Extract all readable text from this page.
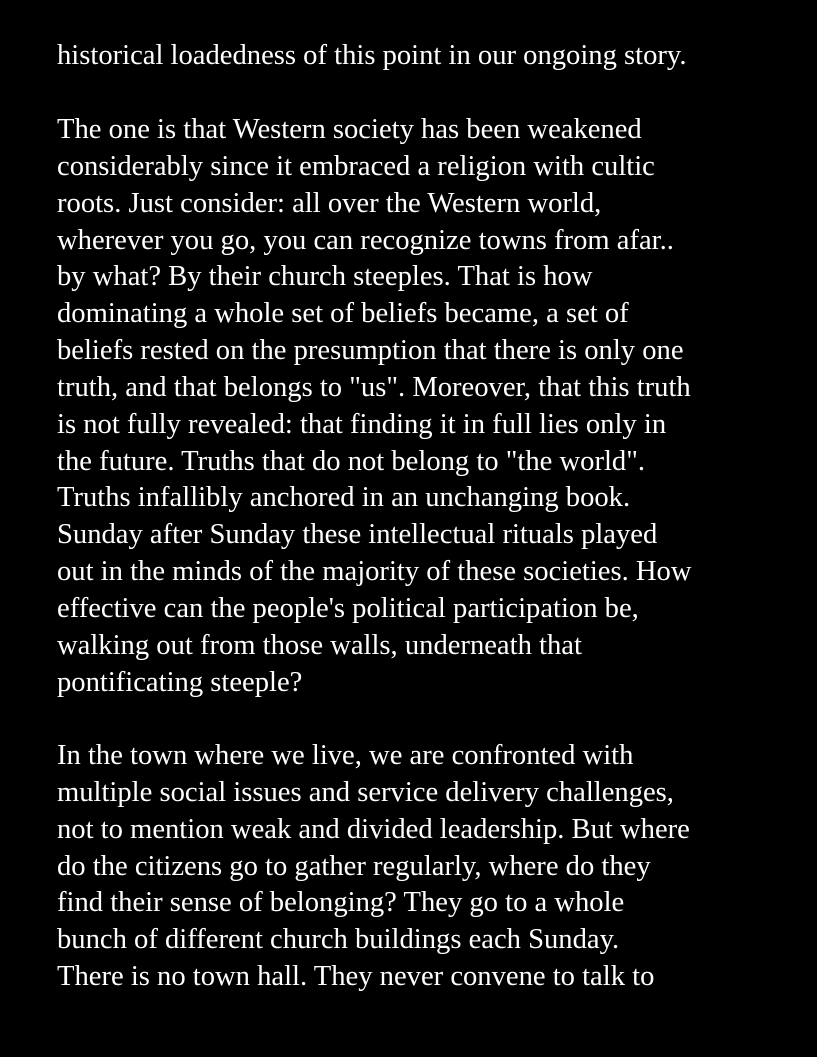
historical loadedness of this point in our ongoing story.

The one is that Western society has been weakened
considerably since it embraced a religion with cultic
roots. Just consider: all over the Western world,
wherever you go, you can recognize towns from afar..
by what? By their church steeples. That is how
dominating a whole set of beliefs became, a set of
beliefs rested on the presumption that there is only one
truth, and that belongs to "us". Moreover, that this truth
is not fully revealed: that finding it in full lies only in
the future. Truths that do not belong to "the world".
Truths infallibly anchored in an unchanging book.
Sunday after Sunday these intellectual rituals played
out in the minds of the majority of these societies. How
effective can the people's political participation be,
walking out from those walls, underneath that
pontificating steeple?

In the town where we live, we are confronted with
multiple social issues and service delivery challenges,
not to mention weak and divided leadership. But where
do the citizens go to gather regularly, where do they
find their sense of belonging? They go to a whole
bunch of different church buildings each Sunday.
There is no town hall. They never convene to talk to
